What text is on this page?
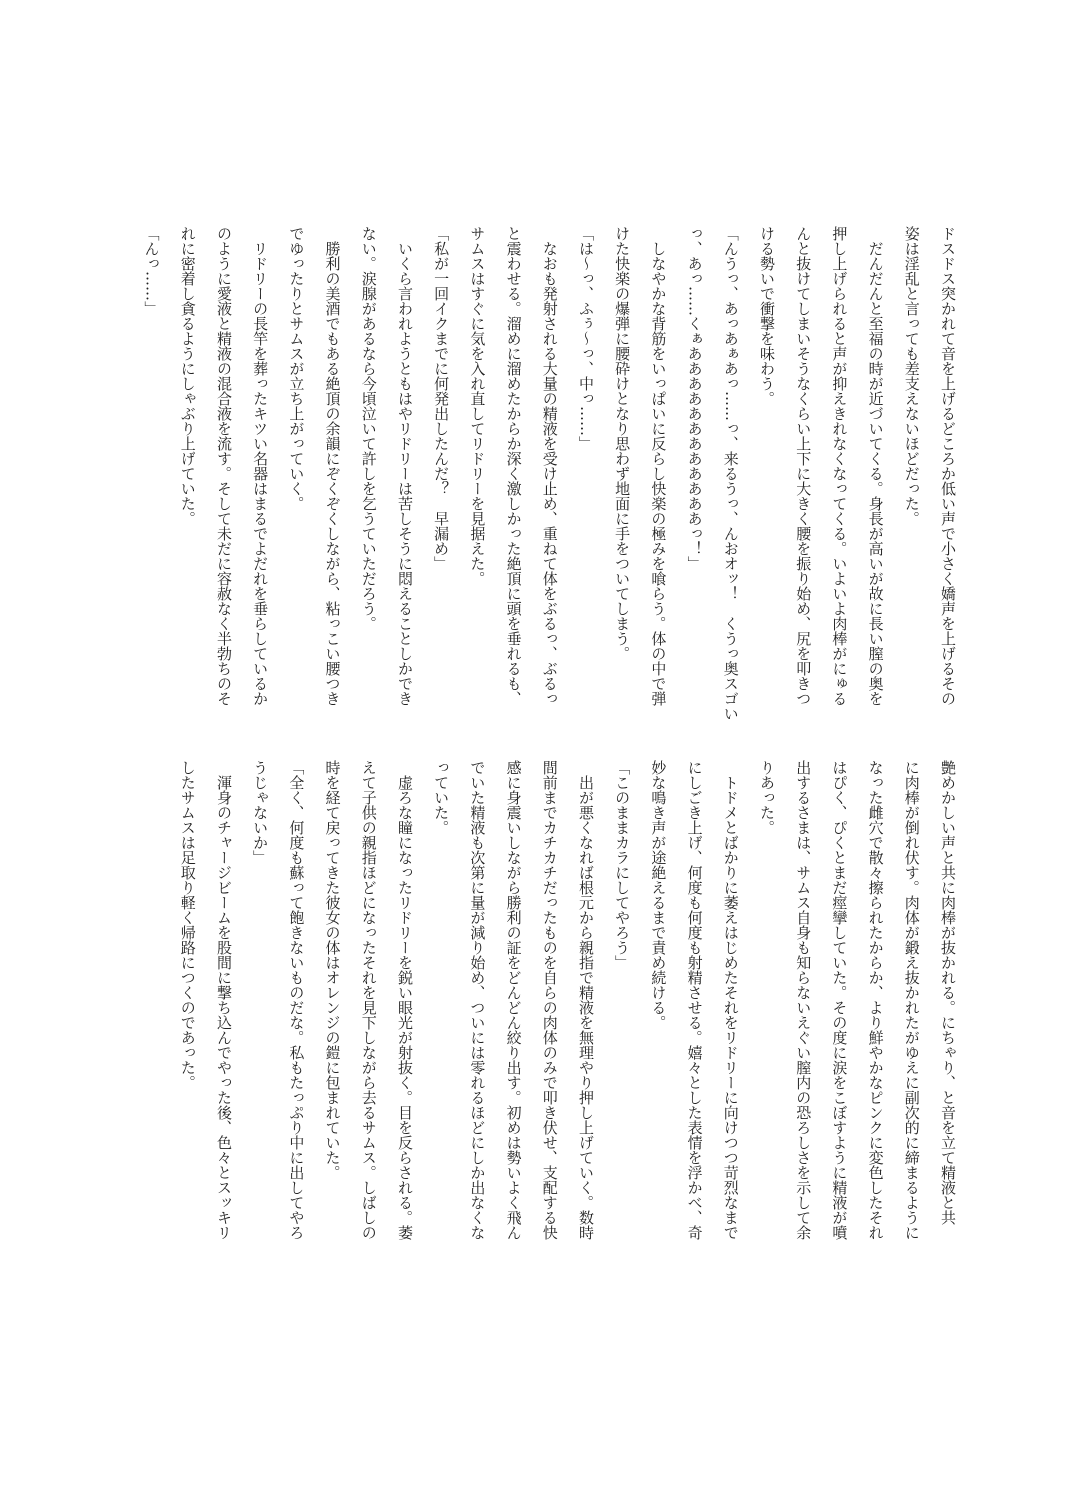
ドスドス突かれて音を上げるどころか低い声で小さく嬌声を上げるその

姿は淫乱と言っても差支えないほどだった。

　だんだんと至福の時が近づいてくる。身長が高いが故に長い膣の奥を

押し上げられると声が抑えきれなくなってくる。いよいよ肉棒がにゅる

んと抜けてしまいそうなくらい上下に大きく腰を振り始め、尻を叩きつ

ける勢いで衝撃を味わう。

「んうっ、あっあぁあっ……っ、来るうっ、んおオッ！　くうっ奥スゴい

っ、あっ……くぁああああああああああああっ！」

　しなやかな背筋をいっぱいに反らし快楽の極みを喰らう。体の中で弾

けた快楽の爆弾に腰砕けとなり思わず地面に手をついてしまう。

「は～っ、ふぅ～っ、中っ……」

　なおも発射される大量の精液を受け止め、重ねて体をぶるっ、ぶるっ

と震わせる。溜めに溜めたからか深く激しかった絶頂に頭を垂れるも、

サムスはすぐに気を入れ直してリドリーを見据えた。

「私が一回イクまでに何発出したんだ？　早漏め」

　いくら言われようともはやリドリーは苦しそうに悶えることしかでき

ない。涙腺があるなら今頃泣いて許しを乞うていただろう。

　勝利の美酒でもある絶頂の余韻にぞくぞくしながら、粘っこい腰つき

でゆったりとサムスが立ち上がっていく。

　リドリーの長竿を葬ったキツい名器はまるでよだれを垂らしているか

のように愛液と精液の混合液を流す。そして未だに容赦なく半勃ちのそ

れに密着し貪るようにしゃぶり上げていた。

「んっ……」

艶めかしい声と共に肉棒が抜かれる。にちゃり、と音を立て精液と共

に肉棒が倒れ伏す。肉体が鍛え抜かれたがゆえに副次的に締まるように

なった雌穴で散々擦られたからか、より鮮やかなピンクに変色したそれ

はぴく、ぴくとまだ痙攣していた。その度に涙をこぼすように精液が噴

出するさまは、サムス自身も知らないえぐい膣内の恐ろしさを示して余

りあった。

　トドメとばかりに萎えはじめたそれをリドリーに向けつつ苛烈なまで

にしごき上げ、何度も何度も射精させる。嬉々とした表情を浮かべ、奇

妙な鳴き声が途絶えるまで責め続ける。

「このままカラにしてやろう」

　出が悪くなれば根元から親指で精液を無理やり押し上げていく。数時

間前までカチカチだったものを自らの肉体のみで叩き伏せ、支配する快

感に身震いしながら勝利の証をどんどん絞り出す。初めは勢いよく飛ん

でいた精液も次第に量が減り始め、ついには零れるほどにしか出なくな

っていた。

　虚ろな瞳になったリドリーを鋭い眼光が射抜く。目を反らされる。萎

えて子供の親指ほどになったそれを見下しながら去るサムス。しばしの

時を経て戻ってきた彼女の体はオレンジの鎧に包まれていた。

「全く、何度も蘇って飽きないものだな。私もたっぷり中に出してやろ

うじゃないか」

　渾身のチャージビームを股間に撃ち込んでやった後、色々とスッキリ

したサムスは足取り軽く帰路につくのであった。
